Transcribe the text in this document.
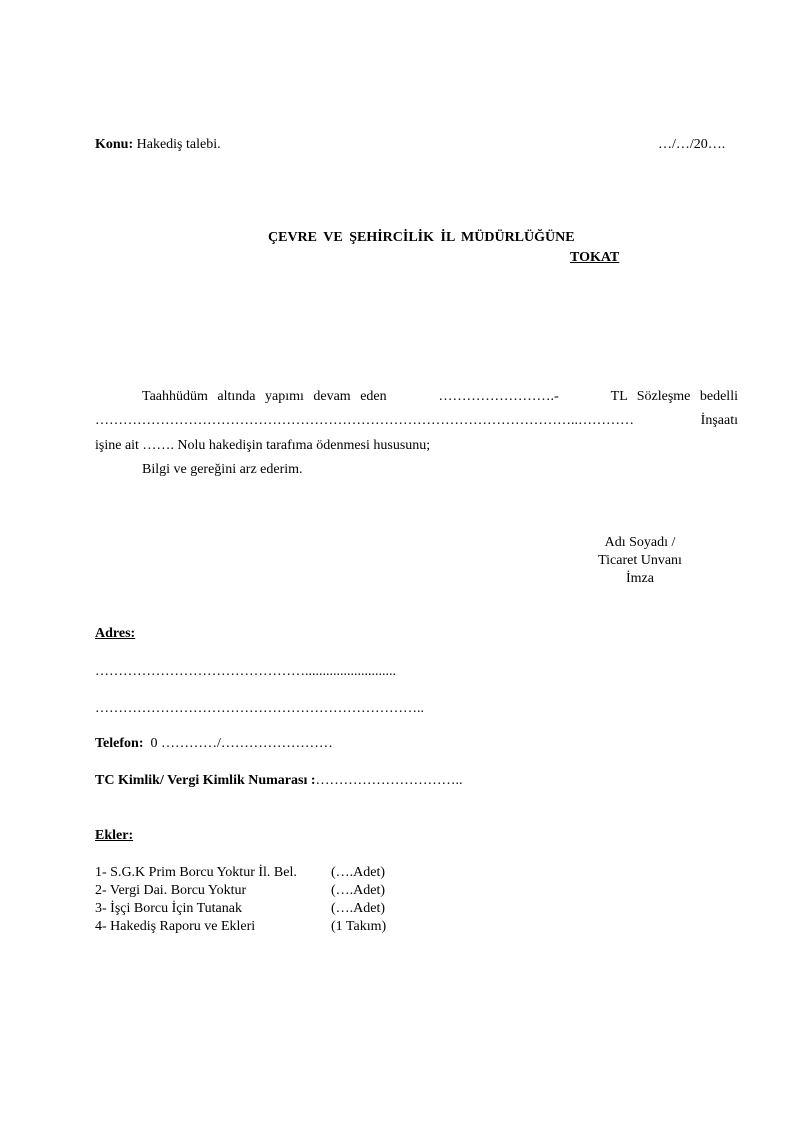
Konu: Hakediş talebi.	…/…/20….
ÇEVRE VE ŞEHİRCİLİK İL MÜDÜRLÜĞÜNE
TOKAT
Taahhüdüm altında yapımı devam eden	…………………….-	TL Sözleşme bedelli
…………………………………………………………………………………………..…………	İnşaatı
işine ait ……. Nolu hakedişin tarafıma ödenmesi hususunu;
Bilgi ve gereğini arz ederim.
Adı Soyadı /
Ticaret Unvanı
İmza
Adres:
………………………………………..........................
……………………………………………………………..
Telefon: 0 …………/……………………
TC Kimlik/ Vergi Kimlik Numarası :…………………………..
Ekler:
1- S.G.K Prim Borcu Yoktur İl. Bel. (….Adet)
2- Vergi Dai. Borcu Yoktur	(….Adet)
3- İşçi Borcu İçin Tutanak	(….Adet)
4- Hakediş Raporu ve Ekleri	(1 Takım)
